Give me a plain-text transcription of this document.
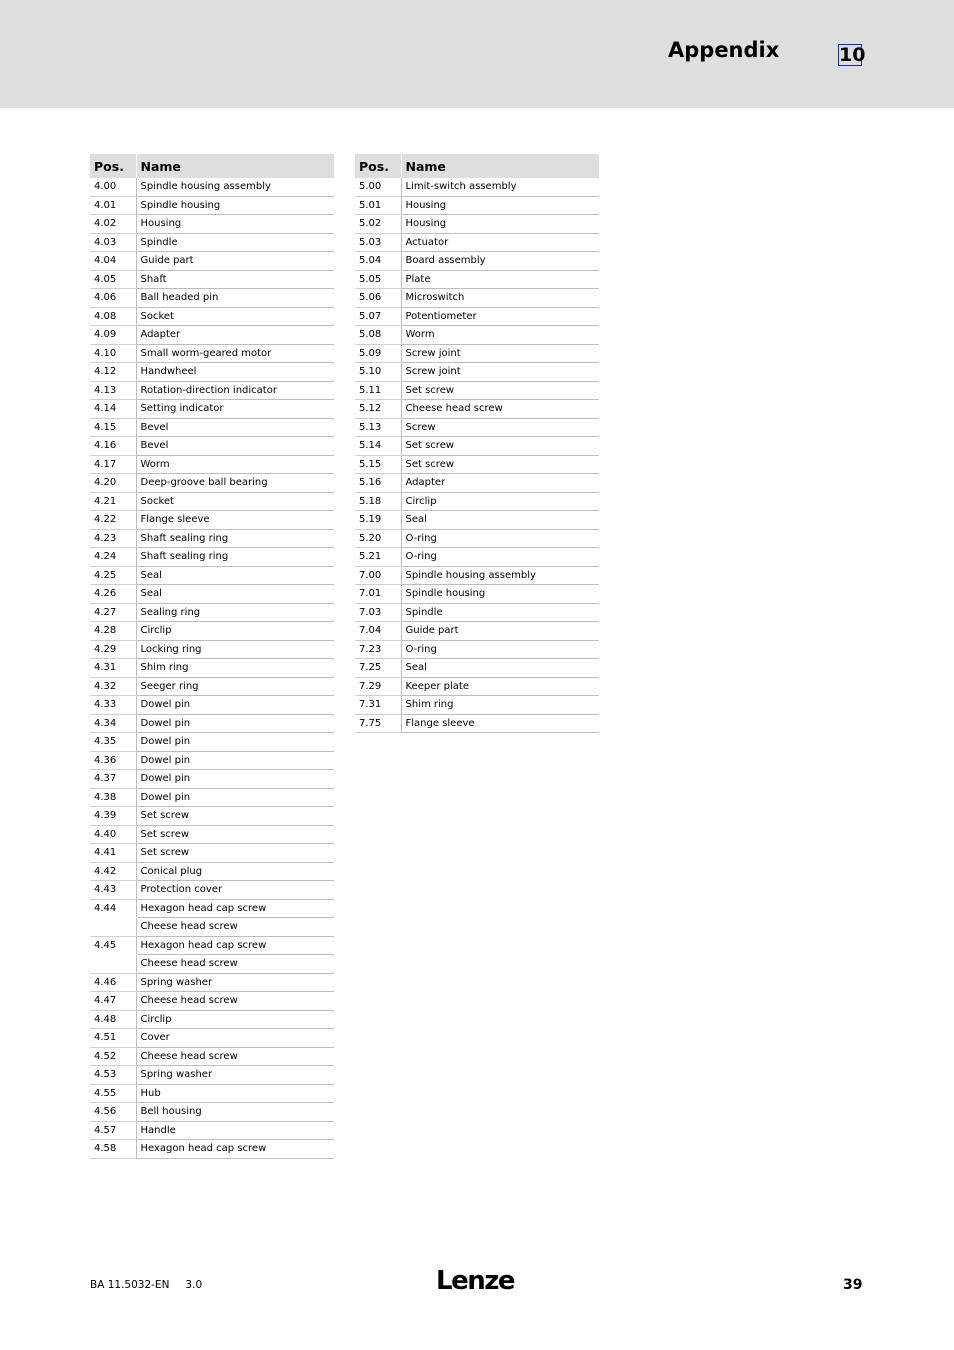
Appendix	10
Pos.	Name
4.00	Spindle housing assembly
4.01	Spindle housing
4.02	Housing
4.03	Spindle
4.04	Guide part
4.05	Shaft
4.06	Ball headed pin
4.08	Socket
4.09	Adapter
4.10	Small worm-geared motor
4.12	Handwheel
4.13	Rotation-direction indicator
4.14	Setting indicator
4.15	Bevel
4.16	Bevel
4.17	Worm
4.20	Deep-groove ball bearing
4.21	Socket
4.22	Flange sleeve
4.23	Shaft sealing ring
4.24	Shaft sealing ring
4.25	Seal
4.26	Seal
4.27	Sealing ring
4.28	Circlip
4.29	Locking ring
4.31	Shim ring
4.32	Seeger ring
4.33	Dowel pin
4.34	Dowel pin
4.35	Dowel pin
4.36	Dowel pin
4.37	Dowel pin
4.38	Dowel pin
4.39	Set screw
4.40	Set screw
4.41	Set screw
4.42	Conical plug
4.43	Protection cover
4.44	Hexagon head cap screw
	Cheese head screw
4.45	Hexagon head cap screw
	Cheese head screw
4.46	Spring washer
4.47	Cheese head screw
4.48	Circlip
4.51	Cover
4.52	Cheese head screw
4.53	Spring washer
4.55	Hub
4.56	Bell housing
4.57	Handle
4.58	Hexagon head cap screw
Pos.	Name
5.00	Limit-switch assembly
5.01	Housing
5.02	Housing
5.03	Actuator
5.04	Board assembly
5.05	Plate
5.06	Microswitch
5.07	Potentiometer
5.08	Worm
5.09	Screw joint
5.10	Screw joint
5.11	Set screw
5.12	Cheese head screw
5.13	Screw
5.14	Set screw
5.15	Set screw
5.16	Adapter
5.18	Circlip
5.19	Seal
5.20	O-ring
5.21	O-ring
7.00	Spindle housing assembly
7.01	Spindle housing
7.03	Spindle
7.04	Guide part
7.23	O-ring
7.25	Seal
7.29	Keeper plate
7.31	Shim ring
7.75	Flange sleeve
BA 11.5032-EN 3.0	Lenze	39
